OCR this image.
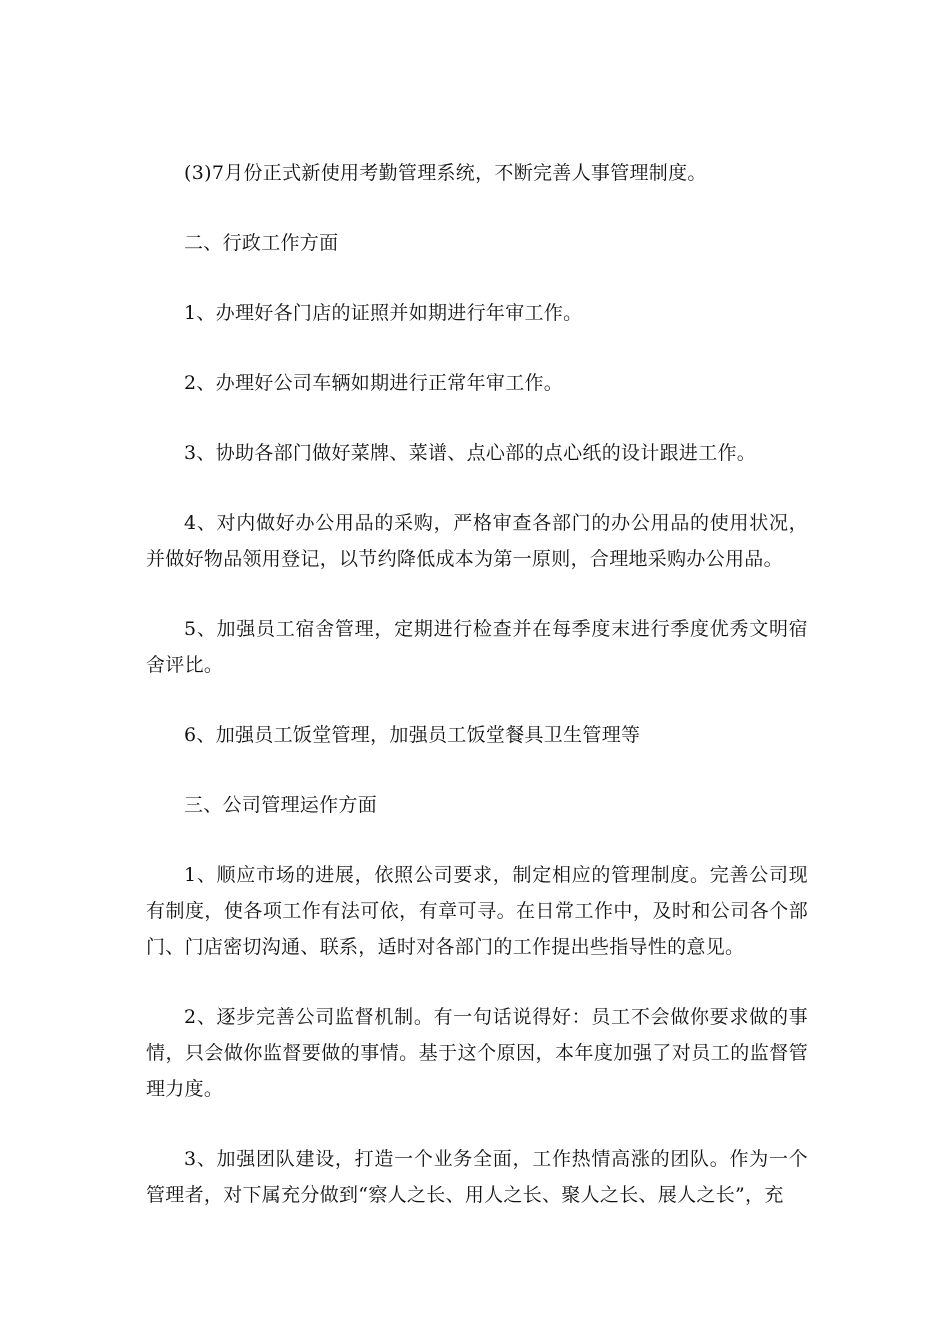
(3)7月份正式新使用考勤管理系统，不断完善人事管理制度。

二、行政工作方面

1、办理好各门店的证照并如期进行年审工作。

2、办理好公司车辆如期进行正常年审工作。

3、协助各部门做好菜牌、菜谱、点心部的点心纸的设计跟进工作。

4、对内做好办公用品的采购，严格审查各部门的办公用品的使用状况，并做好物品领用登记，以节约降低成本为第一原则，合理地采购办公用品。

5、加强员工宿舍管理，定期进行检查并在每季度末进行季度优秀文明宿舍评比。

6、加强员工饭堂管理，加强员工饭堂餐具卫生管理等

三、公司管理运作方面

1、顺应市场的进展，依照公司要求，制定相应的管理制度。完善公司现有制度，使各项工作有法可依，有章可寻。在日常工作中，及时和公司各个部门、门店密切沟通、联系，适时对各部门的工作提出些指导性的意见。

2、逐步完善公司监督机制。有一句话说得好：员工不会做你要求做的事情，只会做你监督要做的事情。基于这个原因，本年度加强了对员工的监督管理力度。

3、加强团队建设，打造一个业务全面，工作热情高涨的团队。作为一个管理者，对下属充分做到“察人之长、用人之长、聚人之长、展人之长”，充
